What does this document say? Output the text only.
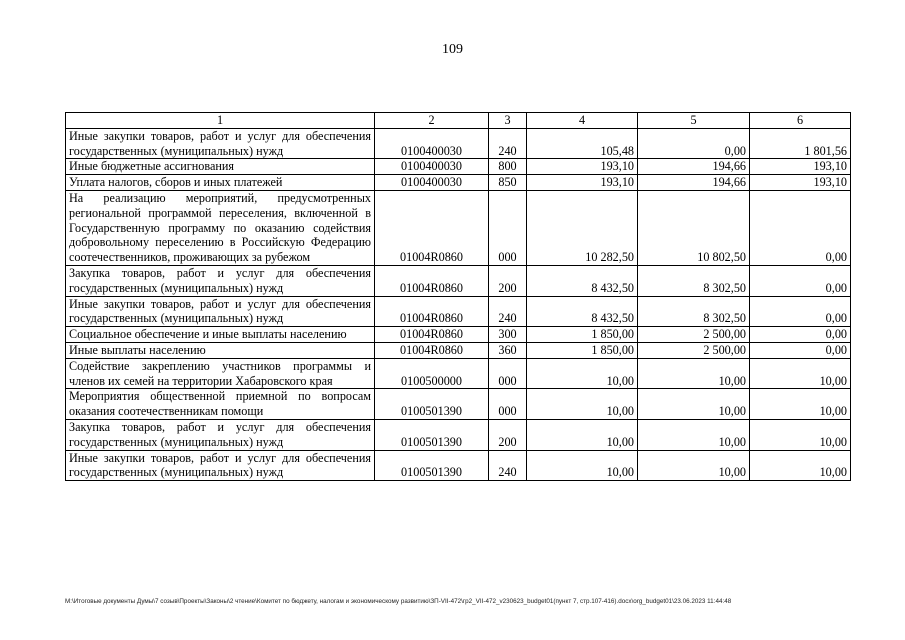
109
1	2	3	4	5	6
Иные закупки товаров, работ и услуг для обеспечения государственных (муниципальных) нужд	0100400030	240	105,48	0,00	1 801,56
Иные бюджетные ассигнования	0100400030	800	193,10	194,66	193,10
Уплата налогов, сборов и иных платежей	0100400030	850	193,10	194,66	193,10
На реализацию мероприятий, предусмотренных региональной программой переселения, включенной в Государственную программу по оказанию содействия добровольному переселению в Российскую Федерацию соотечественников, проживающих за рубежом	01004R0860	000	10 282,50	10 802,50	0,00
Закупка товаров, работ и услуг для обеспечения государственных (муниципальных) нужд	01004R0860	200	8 432,50	8 302,50	0,00
Иные закупки товаров, работ и услуг для обеспечения государственных (муниципальных) нужд	01004R0860	240	8 432,50	8 302,50	0,00
Социальное обеспечение и иные выплаты населению	01004R0860	300	1 850,00	2 500,00	0,00
Иные выплаты населению	01004R0860	360	1 850,00	2 500,00	0,00
Содействие закреплению участников программы и членов их семей на территории Хабаровского края	0100500000	000	10,00	10,00	10,00
Мероприятия общественной приемной по вопросам оказания соотечественникам помощи	0100501390	000	10,00	10,00	10,00
Закупка товаров, работ и услуг для обеспечения государственных (муниципальных) нужд	0100501390	200	10,00	10,00	10,00
Иные закупки товаров, работ и услуг для обеспечения государственных (муниципальных) нужд	0100501390	240	10,00	10,00	10,00
M:\Итоговые документы Думы\7 созыв\Проекты\Законы\2 чтение\Комитет по бюджету, налогам и экономическому развитию\ЗП-VII-472\гр2_VII-472_v230623_budget01(пункт 7, стр.107-416).docx\org_budget01\23.06.2023 11:44:48
